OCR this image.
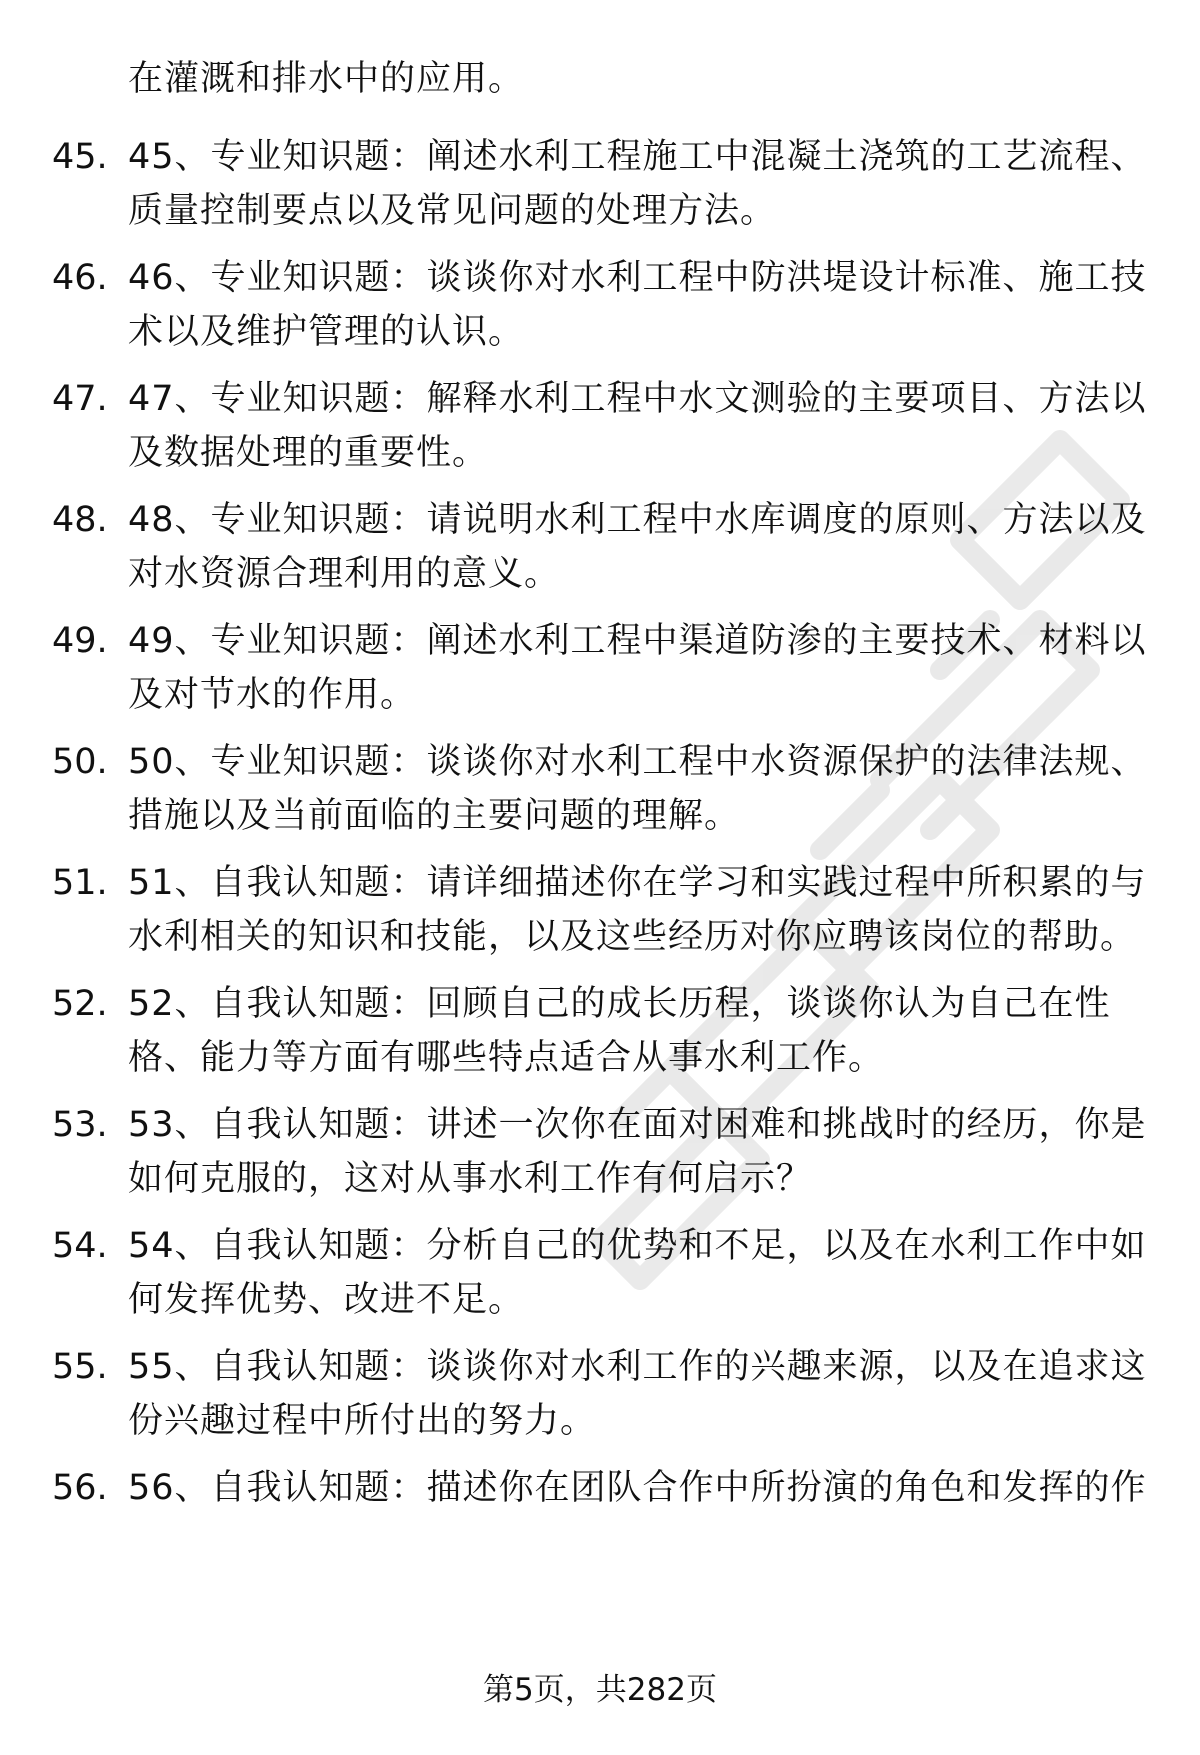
在灌溉和排水中的应用。
45. 45、专业知识题：阐述水利工程施工中混凝土浇筑的工艺流程、质量控制要点以及常见问题的处理方法。
46. 46、专业知识题：谈谈你对水利工程中防洪堤设计标准、施工技术以及维护管理的认识。
47. 47、专业知识题：解释水利工程中水文测验的主要项目、方法以及数据处理的重要性。
48. 48、专业知识题：请说明水利工程中水库调度的原则、方法以及对水资源合理利用的意义。
49. 49、专业知识题：阐述水利工程中渠道防渗的主要技术、材料以及对节水的作用。
50. 50、专业知识题：谈谈你对水利工程中水资源保护的法律法规、措施以及当前面临的主要问题的理解。
51. 51、自我认知题：请详细描述你在学习和实践过程中所积累的与水利相关的知识和技能，以及这些经历对你应聘该岗位的帮助。
52. 52、自我认知题：回顾自己的成长历程，谈谈你认为自己在性格、能力等方面有哪些特点适合从事水利工作。
53. 53、自我认知题：讲述一次你在面对困难和挑战时的经历，你是如何克服的，这对从事水利工作有何启示？
54. 54、自我认知题：分析自己的优势和不足，以及在水利工作中如何发挥优势、改进不足。
55. 55、自我认知题：谈谈你对水利工作的兴趣来源，以及在追求这份兴趣过程中所付出的努力。
56. 56、自我认知题：描述你在团队合作中所扮演的角色和发挥的作
第5页，共282页
